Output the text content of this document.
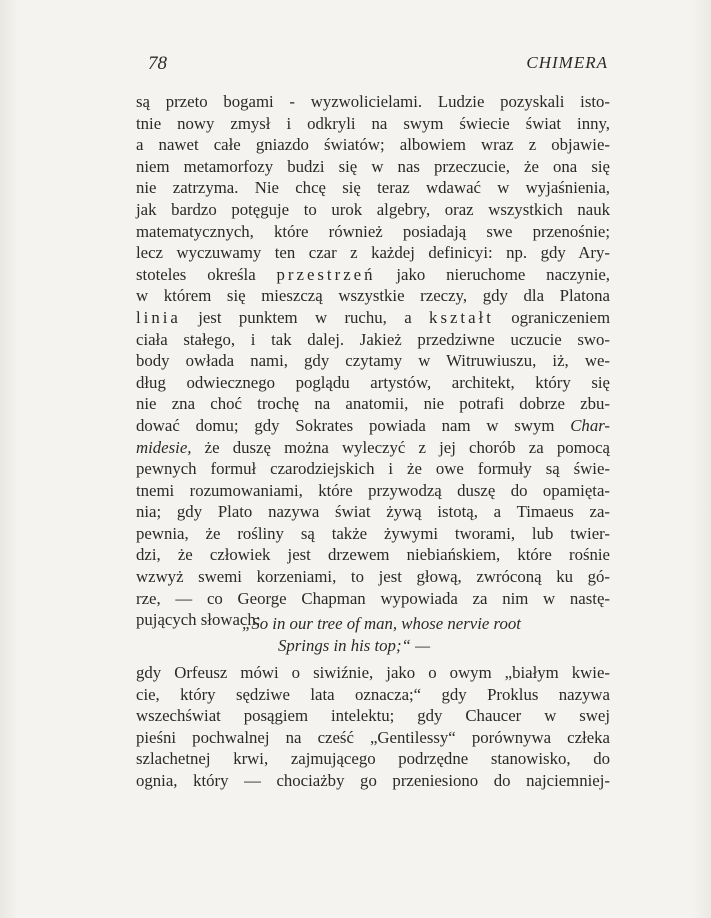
78	CHIMERA
są przeto bogami - wyzwolicielami. Ludzie pozyskali isto-
tnie nowy zmysł i odkryli na swym świecie świat inny,
a nawet całe gniazdo światów; albowiem wraz z objawie-
niem metamorfozy budzi się w nas przeczucie, że ona się
nie zatrzyma. Nie chcę się teraz wdawać w wyjaśnienia,
jak bardzo potęguje to urok algebry, oraz wszystkich nauk
matematycznych, które również posiadają swe przenośnie;
lecz wyczuwamy ten czar z każdej definicyi: np. gdy Ary-
stoteles określa przestrzeń jako nieruchome naczynie,
w którem się mieszczą wszystkie rzeczy, gdy dla Platona
linia jest punktem w ruchu, a kształt ograniczeniem
ciała stałego, i tak dalej. Jakież przedziwne uczucie swo-
body owłada nami, gdy czytamy w Witruwiuszu, iż, we-
dług odwiecznego poglądu artystów, architekt, który się
nie zna choć trochę na anatomii, nie potrafi dobrze zbu-
dować domu; gdy Sokrates powiada nam w swym Char-
midesie, że duszę można wyleczyć z jej chorób za pomocą
pewnych formuł czarodziejskich i że owe formuły są świe-
tnemi rozumowaniami, które przywodzą duszę do opamięta-
nia; gdy Plato nazywa świat żywą istotą, a Timaeus za-
pewnia, że rośliny są także żywymi tworami, lub twier-
dzi, że człowiek jest drzewem niebiańskiem, które rośnie
wzwyż swemi korzeniami, to jest głową, zwróconą ku gó-
rze, — co George Chapman wypowiada za nim w nastę-
pujących słowach:
„So in our tree of man, whose nervie root
Springs in his top;“ —
gdy Orfeusz mówi o siwiźnie, jako o owym „białym kwie-
cie, który sędziwe lata oznacza;“ gdy Proklus nazywa
wszechświat posągiem intelektu; gdy Chaucer w swej
pieśni pochwalnej na cześć „Gentilessy“ porównywa człeka
szlachetnej krwi, zajmującego podrzędne stanowisko, do
ognia, który — chociażby go przeniesiono do najciemniej-
